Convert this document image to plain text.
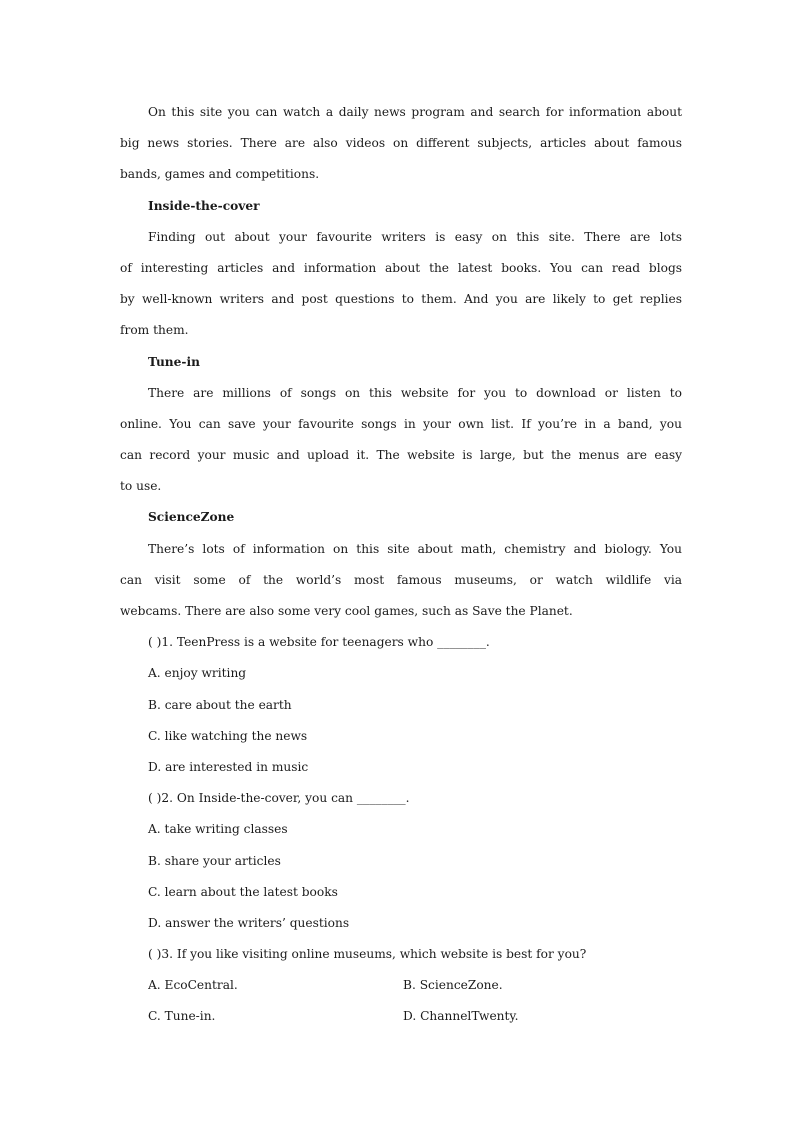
On this site you can watch a daily news program and search for information about
big news stories. There are also videos on different subjects, articles about famous
bands, games and competitions.
Inside-the-cover
Finding out about your favourite writers is easy on this site. There are lots
of interesting articles and information about the latest books. You can read blogs
by well-known writers and post questions to them. And you are likely to get replies
from them.
Tune-in
There are millions of songs on this website for you to download or listen to
online. You can save your favourite songs in your own list. If you’re in a band, you
can record your music and upload it. The website is large, but the menus are easy
to use.
ScienceZone
There’s lots of information on this site about math, chemistry and biology. You
can visit some of the world’s most famous museums, or watch wildlife via
webcams. There are also some very cool games, such as Save the Planet.
( )1. TeenPress is a website for teenagers who ________.
A. enjoy writing
B. care about the earth
C. like watching the news
D. are interested in music
( )2. On Inside-the-cover, you can ________.
A. take writing classes
B. share your articles
C. learn about the latest books
D. answer the writers’ questions
( )3. If you like visiting online museums, which website is best for you?
A. EcoCentral.	B. ScienceZone.
C. Tune-in.	D. ChannelTwenty.
